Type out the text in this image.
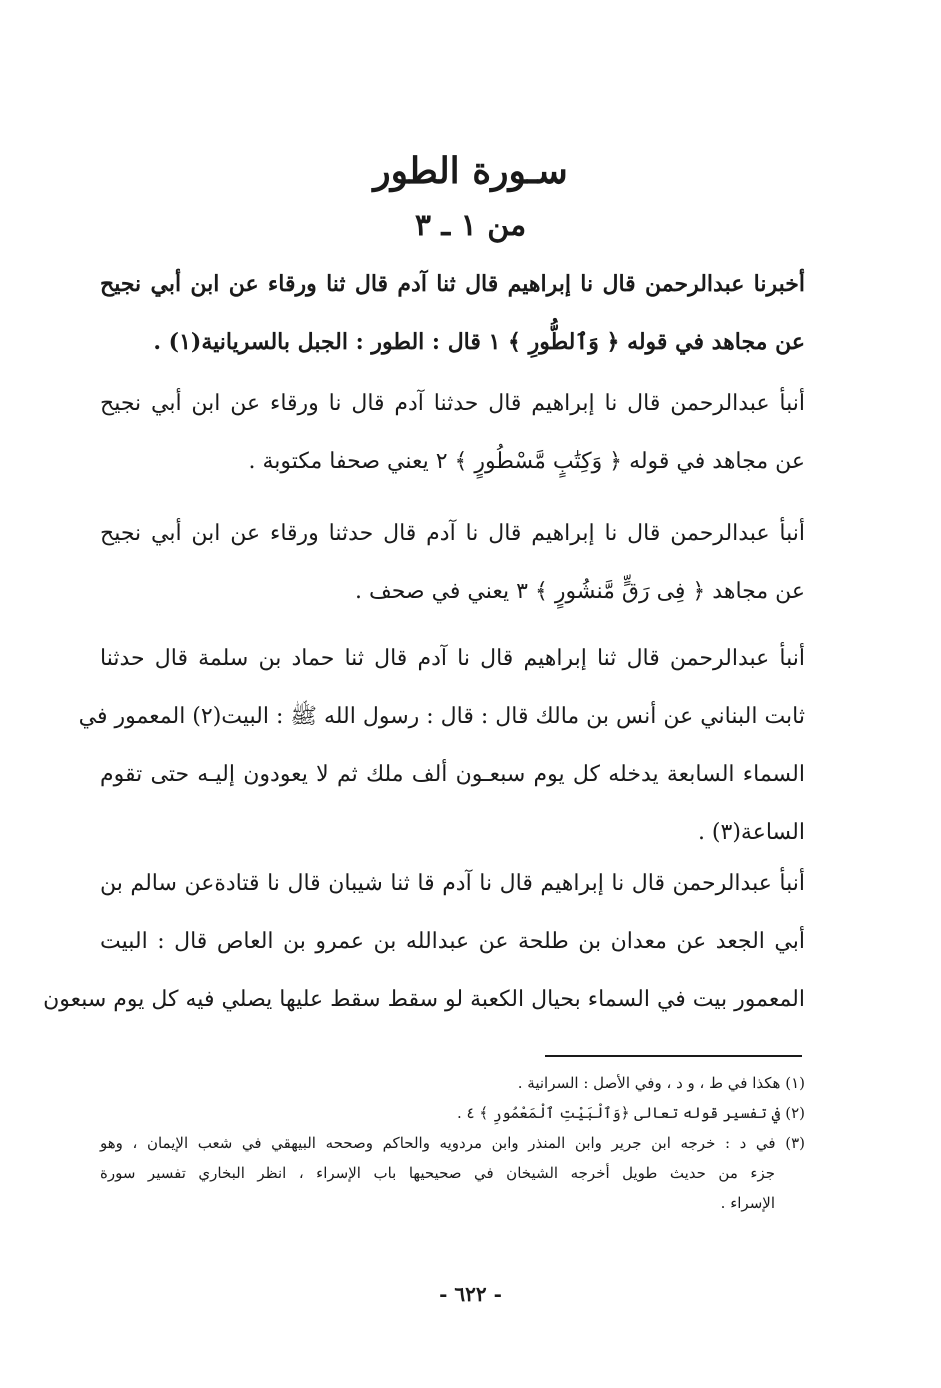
سـورة الطور
من ١ ـ ٣
أخبرنا عبدالرحمن قال نا إبراهيم قال ثنا آدم قال ثنا ورقاء عن ابن أبي نجيح
عن مجاهد في قوله ﴿ وَٱلطُّورِ ﴾ ١ قال : الطور : الجبل بالسريانية(١) .
أنبأ عبدالرحمن قال نا إبراهيم قال حدثنا آدم قال نا ورقاء عن ابن أبي نجيح
عن مجاهد في قوله ﴿ وَكِتَٰبٍ مَّسْطُورٍ ﴾ ٢ يعني صحفا مكتوبة .
أنبأ عبدالرحمن قال نا إبراهيم قال نا آدم قال حدثنا ورقاء عن ابن أبي نجيح
عن مجاهد ﴿ فِى رَقٍّ مَّنشُورٍ ﴾ ٣ يعني في صحف .
أنبأ عبدالرحمن قال ثنا إبراهيم قال نا آدم قال ثنا حماد بن سلمة قال حدثنا
ثابت البناني عن أنس بن مالك قال : قال : رسول الله ﷺ : البيت(٢) المعمور في
السماء السابعة يدخله كل يوم سبعـون ألف ملك ثم لا يعودون إليـه حتى تقوم
الساعة(٣) .
أنبأ عبدالرحمن قال نا إبراهيم قال نا آدم قا ثنا شيبان قال نا قتادةعن سالم بن
أبي الجعد عن معدان بن طلحة عن عبدالله بن عمرو بن العاص قال : البيت
المعمور بيت في السماء بحيال الكعبة لو سقط سقط عليها يصلي فيه كل يوم سبعون
(١) هكذا في ط ، و د ، وفي الأصل : السرانية .
(٢) في تفسير قوله تعالى ﴿وَٱلْبَيْتِ ٱلْمَعْمُورِ ﴾ ٤ .
(٣) في د : خرجه ابن جرير وابن المنذر وابن مردويه والحاكم وصححه البيهقي في شعب الإيمان ، وهو
جزء من حديث طويل أخرجه الشيخان في صحيحيها باب الإسراء ، انظر البخاري تفسير سورة
الإسراء .
- ٦٢٢ -
